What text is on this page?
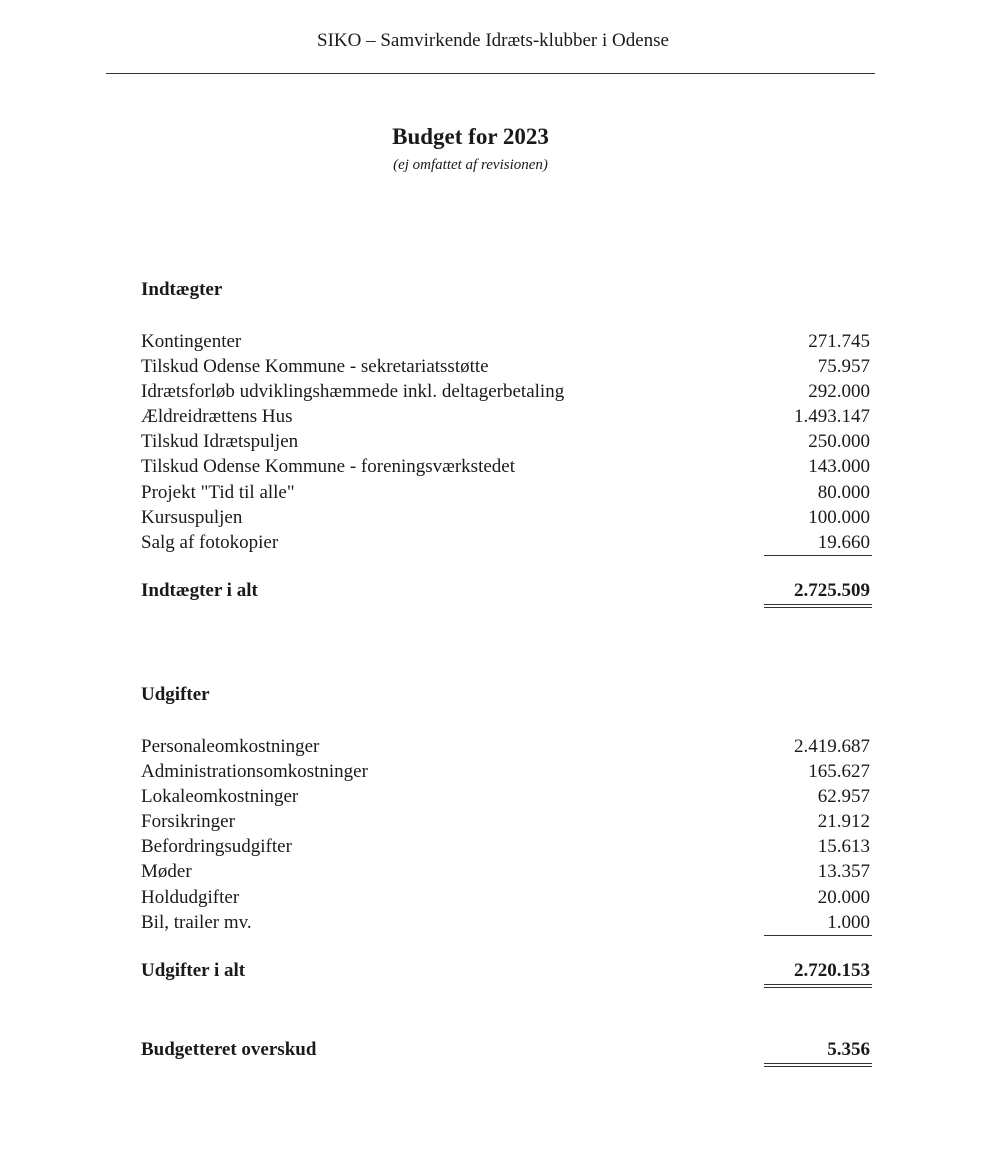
SIKO – Samvirkende Idræts-klubber i Odense
Budget for 2023
(ej omfattet af revisionen)
Indtægter
Kontingenter	271.745
Tilskud Odense Kommune - sekretariatsstøtte	75.957
Idrætsforløb udviklingshæmmede inkl. deltagerbetaling	292.000
Ældreidrættens Hus	1.493.147
Tilskud Idrætspuljen	250.000
Tilskud Odense Kommune - foreningsværkstedet	143.000
Projekt "Tid til alle"	80.000
Kursuspuljen	100.000
Salg af fotokopier	19.660
Indtægter i alt	2.725.509
Udgifter
Personaleomkostninger	2.419.687
Administrationsomkostninger	165.627
Lokaleomkostninger	62.957
Forsikringer	21.912
Befordringsudgifter	15.613
Møder	13.357
Holdudgifter	20.000
Bil, trailer mv.	1.000
Udgifter i alt	2.720.153
Budgetteret overskud	5.356
